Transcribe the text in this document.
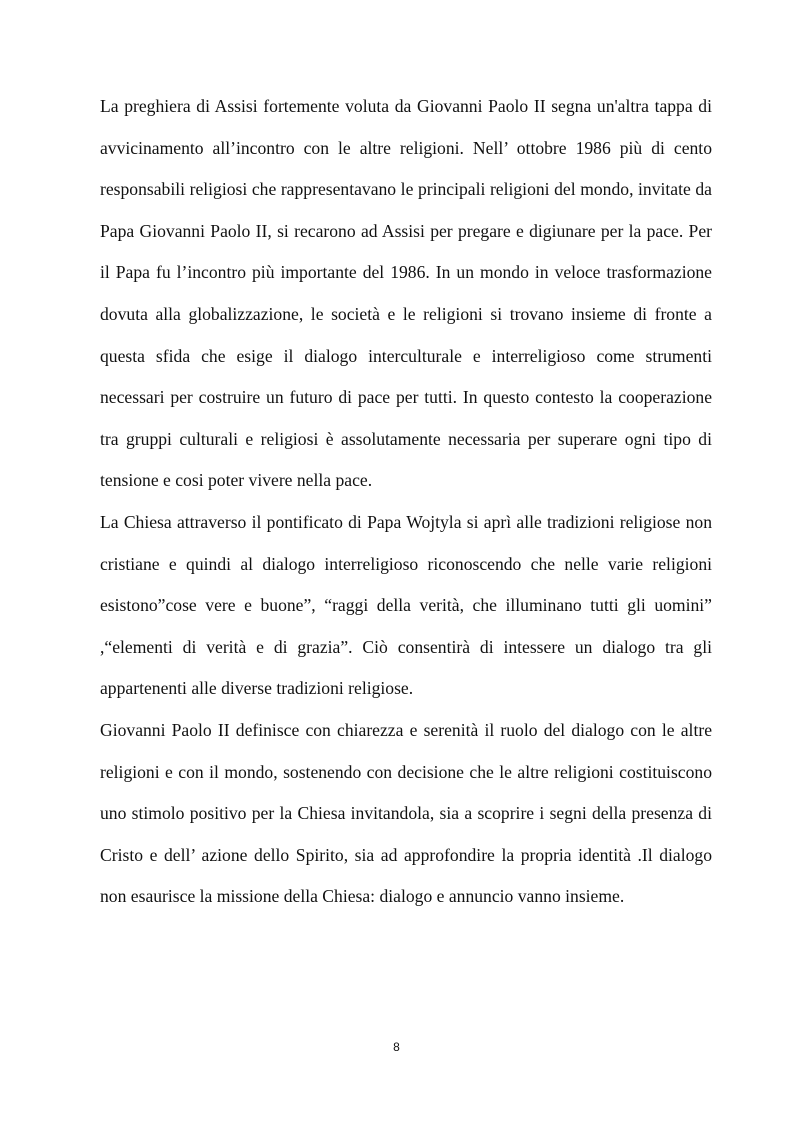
La preghiera di Assisi fortemente voluta da Giovanni Paolo II segna un'altra tappa di avvicinamento all’incontro con le altre religioni. Nell’ ottobre 1986 più di cento responsabili religiosi che rappresentavano le principali religioni del mondo, invitate da Papa Giovanni Paolo II, si recarono ad Assisi per pregare e digiunare per la pace. Per il Papa fu l’incontro più importante del 1986. In un mondo in veloce trasformazione dovuta alla globalizzazione, le società e le religioni si trovano insieme di fronte a questa sfida che esige il dialogo interculturale e interreligioso come strumenti necessari per costruire un futuro di pace per tutti. In questo contesto la cooperazione tra gruppi culturali e religiosi è assolutamente necessaria per superare ogni tipo di tensione e cosi poter vivere nella pace.

La Chiesa attraverso il pontificato di Papa Wojtyla si aprì alle tradizioni religiose non cristiane e quindi al dialogo interreligioso riconoscendo che nelle varie religioni esistono”cose vere e buone”, “raggi della verità, che illuminano tutti gli uomini” ,“elementi di verità e di grazia”. Ciò consentirà di intessere un dialogo tra gli appartenenti alle diverse tradizioni religiose.

Giovanni Paolo II definisce con chiarezza e serenità il ruolo del dialogo con le altre religioni e con il mondo, sostenendo con decisione che le altre religioni costituiscono uno stimolo positivo per la Chiesa invitandola, sia a scoprire i segni della presenza di Cristo e dell’ azione dello Spirito, sia ad approfondire la propria identità .Il dialogo non esaurisce la missione della Chiesa: dialogo e annuncio vanno insieme.

8
